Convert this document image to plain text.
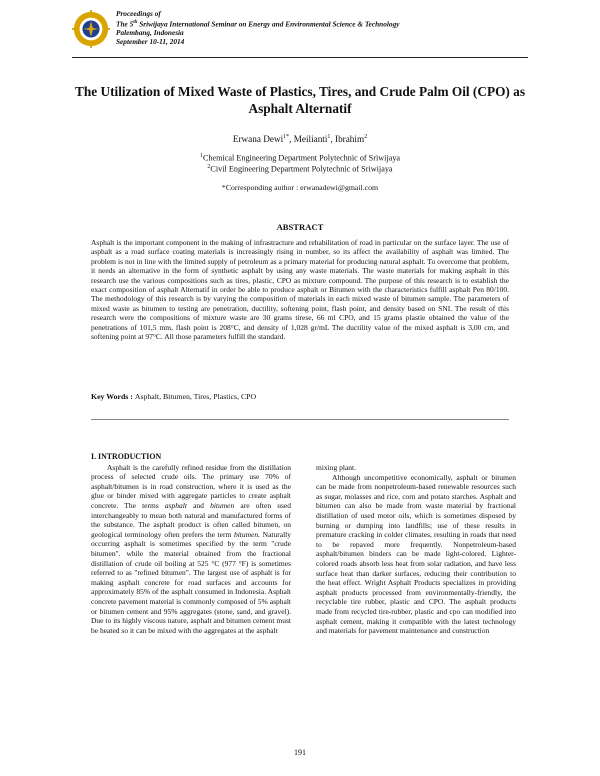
Proceedings of
The 5th Sriwijaya International Seminar on Energy and Environmental Science & Technology
Palembang, Indonesia
September 10-11, 2014
The Utilization of Mixed Waste of Plastics, Tires, and Crude Palm Oil (CPO) as Asphalt Alternatif
Erwana Dewi$^{1*}$, Meilianti$^1$, Ibrahim$^2$
$^1$Chemical Engineering Department Polytechnic of Sriwijaya
$^2$Civil Engineering Department Polytechnic of Sriwijaya
*Corresponding author : erwanadewi@gmail.com
ABSTRACT
Asphalt is the important component in the making of infrastracture and rehabilitation of road in particular on the surface layer. The use of asphalt as a road surface coating materials is increasingly rising in number, so its affect the availability of asphalt was limited. The problem is not in line with the limited supply of petroleum as a primary material for producing natural asphalt. To overcome that problem, it needs an alternative in the form of synthetic asphalt by using any waste materials. The waste materials for making asphalt in this research use the various compositions such as tires, plastic, CPO as mixture compound. The purpose of this research is to establish the exact composition of asphalt Alternatif in order be able to produce asphalt or Bitumen with the characteristics fulfill asphalt Pen 80/100. The methodology of this research is by varying the composition of materials in each mixed waste of bitumen sample. The parameters of mixed waste as bitumen to testing are penetration, ductility, softening point, flash point, and density based on SNI. The result of this research were the compositions of mixture waste are 30 grams tirese, 66 ml CPO, and 15 grams plastie obtained the value of the penetrations of 101,5 mm, flash point is 208°C, and density of 1,028 gr/mL The ductility value of the mixed asphalt is 3,00 cm, and softening point at 97°C. All those parameters fulfill the standard.
Key Words : Asphalt, Bitumen, Tires, Plastics, CPO
I. INTRODUCTION

Asphalt is the carefully refined residue from the distillation process of selected crude oils. The primary use 70% of asphalt/bitumen is in road construction, where it is used as the glue or binder mixed with aggregate particles to create asphalt concrete. The terms asphalt and bitumen are often used interchangeably to mean both natural and manufactured forms of the substance. The asphalt product is often called bitumen, on geological terminology often prefers the term bitumen. Naturally occurring asphalt is sometimes specified by the term "crude bitumen". while the material obtained from the fractional distillation of crude oil boiling at 525 °C (977 °F) is sometimes referred to as "refined bitumen". The largest use of asphalt is for making asphalt concrete for road surfaces and accounts for approximately 85% of the asphalt consumed in Indonesia. Asphalt concrete pavement material is commonly composed of 5% asphalt or bitumen cement and 95% aggregates (stone, sand, and gravel). Due to its highly viscous nature, asphalt and bitumen cement must be heated so it can be mixed with the aggregates at the asphalt

mixing plant.

Although uncompetitive economically, asphalt or bitumen can be made from nonpetroleum-based renewable resources such as sugar, molasses and rice, corn and potato starches. Asphalt and bitumen can also be made from waste material by fractional distillation of used motor oils, which is sometimes disposed by burning or dumping into landfills; use of these results in premature cracking in colder climates, resulting in roads that need to be repaved more frequently. Nonpetroleum-based asphalt/bitumen binders can be made light-colored. Lighter-colored roads absorb less heat from solar radiation, and have less surface heat than darker surfaces, reducing their contribution to the heat effect. Wright Asphalt Products specializes in providing asphalt products processed from environmentally-friendly, the recyclable tire rubber, plastic and CPO. The asphalt products made from recycled tire-rubber, plastic and cpo can modified into asphalt cement, making it compatible with the latest technology and materials for pavement maintenance and construction

191
